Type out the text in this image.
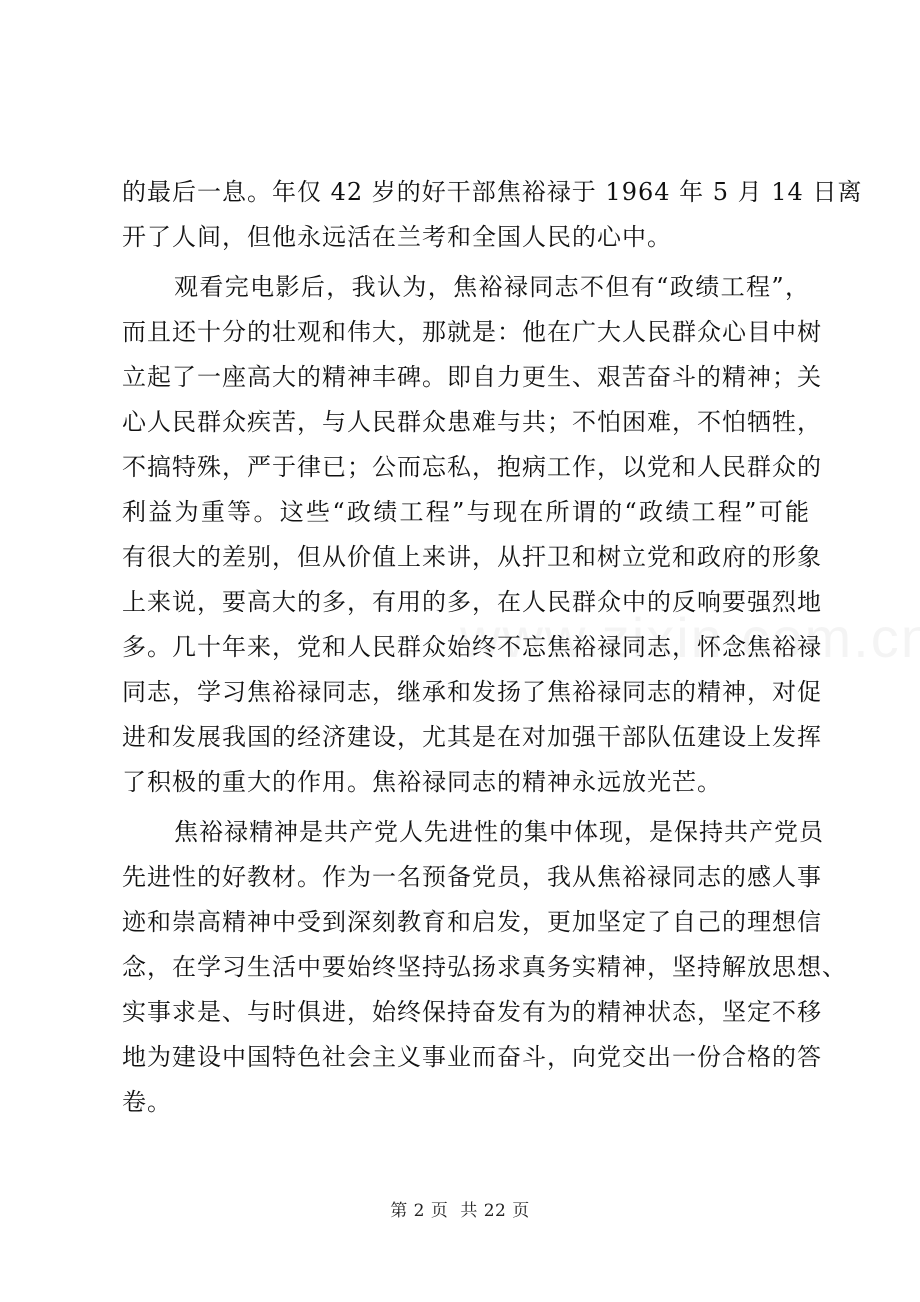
的最后一息。年仅 42 岁的好干部焦裕禄于 1964 年 5 月 14 日离
开了人间，但他永远活在兰考和全国人民的心中。
观看完电影后，我认为，焦裕禄同志不但有“政绩工程”，
而且还十分的壮观和伟大，那就是：他在广大人民群众心目中树
立起了一座高大的精神丰碑。即自力更生、艰苦奋斗的精神；关
心人民群众疾苦，与人民群众患难与共；不怕困难，不怕牺牲，
不搞特殊，严于律已；公而忘私，抱病工作，以党和人民群众的
利益为重等。这些“政绩工程”与现在所谓的“政绩工程”可能
有很大的差别，但从价值上来讲，从扞卫和树立党和政府的形象
上来说，要高大的多，有用的多，在人民群众中的反响要强烈地
多。几十年来，党和人民群众始终不忘焦裕禄同志，怀念焦裕禄
同志，学习焦裕禄同志，继承和发扬了焦裕禄同志的精神，对促
进和发展我国的经济建设，尤其是在对加强干部队伍建设上发挥
了积极的重大的作用。焦裕禄同志的精神永远放光芒。
焦裕禄精神是共产党人先进性的集中体现，是保持共产党员
先进性的好教材。作为一名预备党员，我从焦裕禄同志的感人事
迹和崇高精神中受到深刻教育和启发，更加坚定了自己的理想信
念，在学习生活中要始终坚持弘扬求真务实精神，坚持解放思想、
实事求是、与时俱进，始终保持奋发有为的精神状态，坚定不移
地为建设中国特色社会主义事业而奋斗，向党交出一份合格的答
卷。
第 2 页 共 22 页
